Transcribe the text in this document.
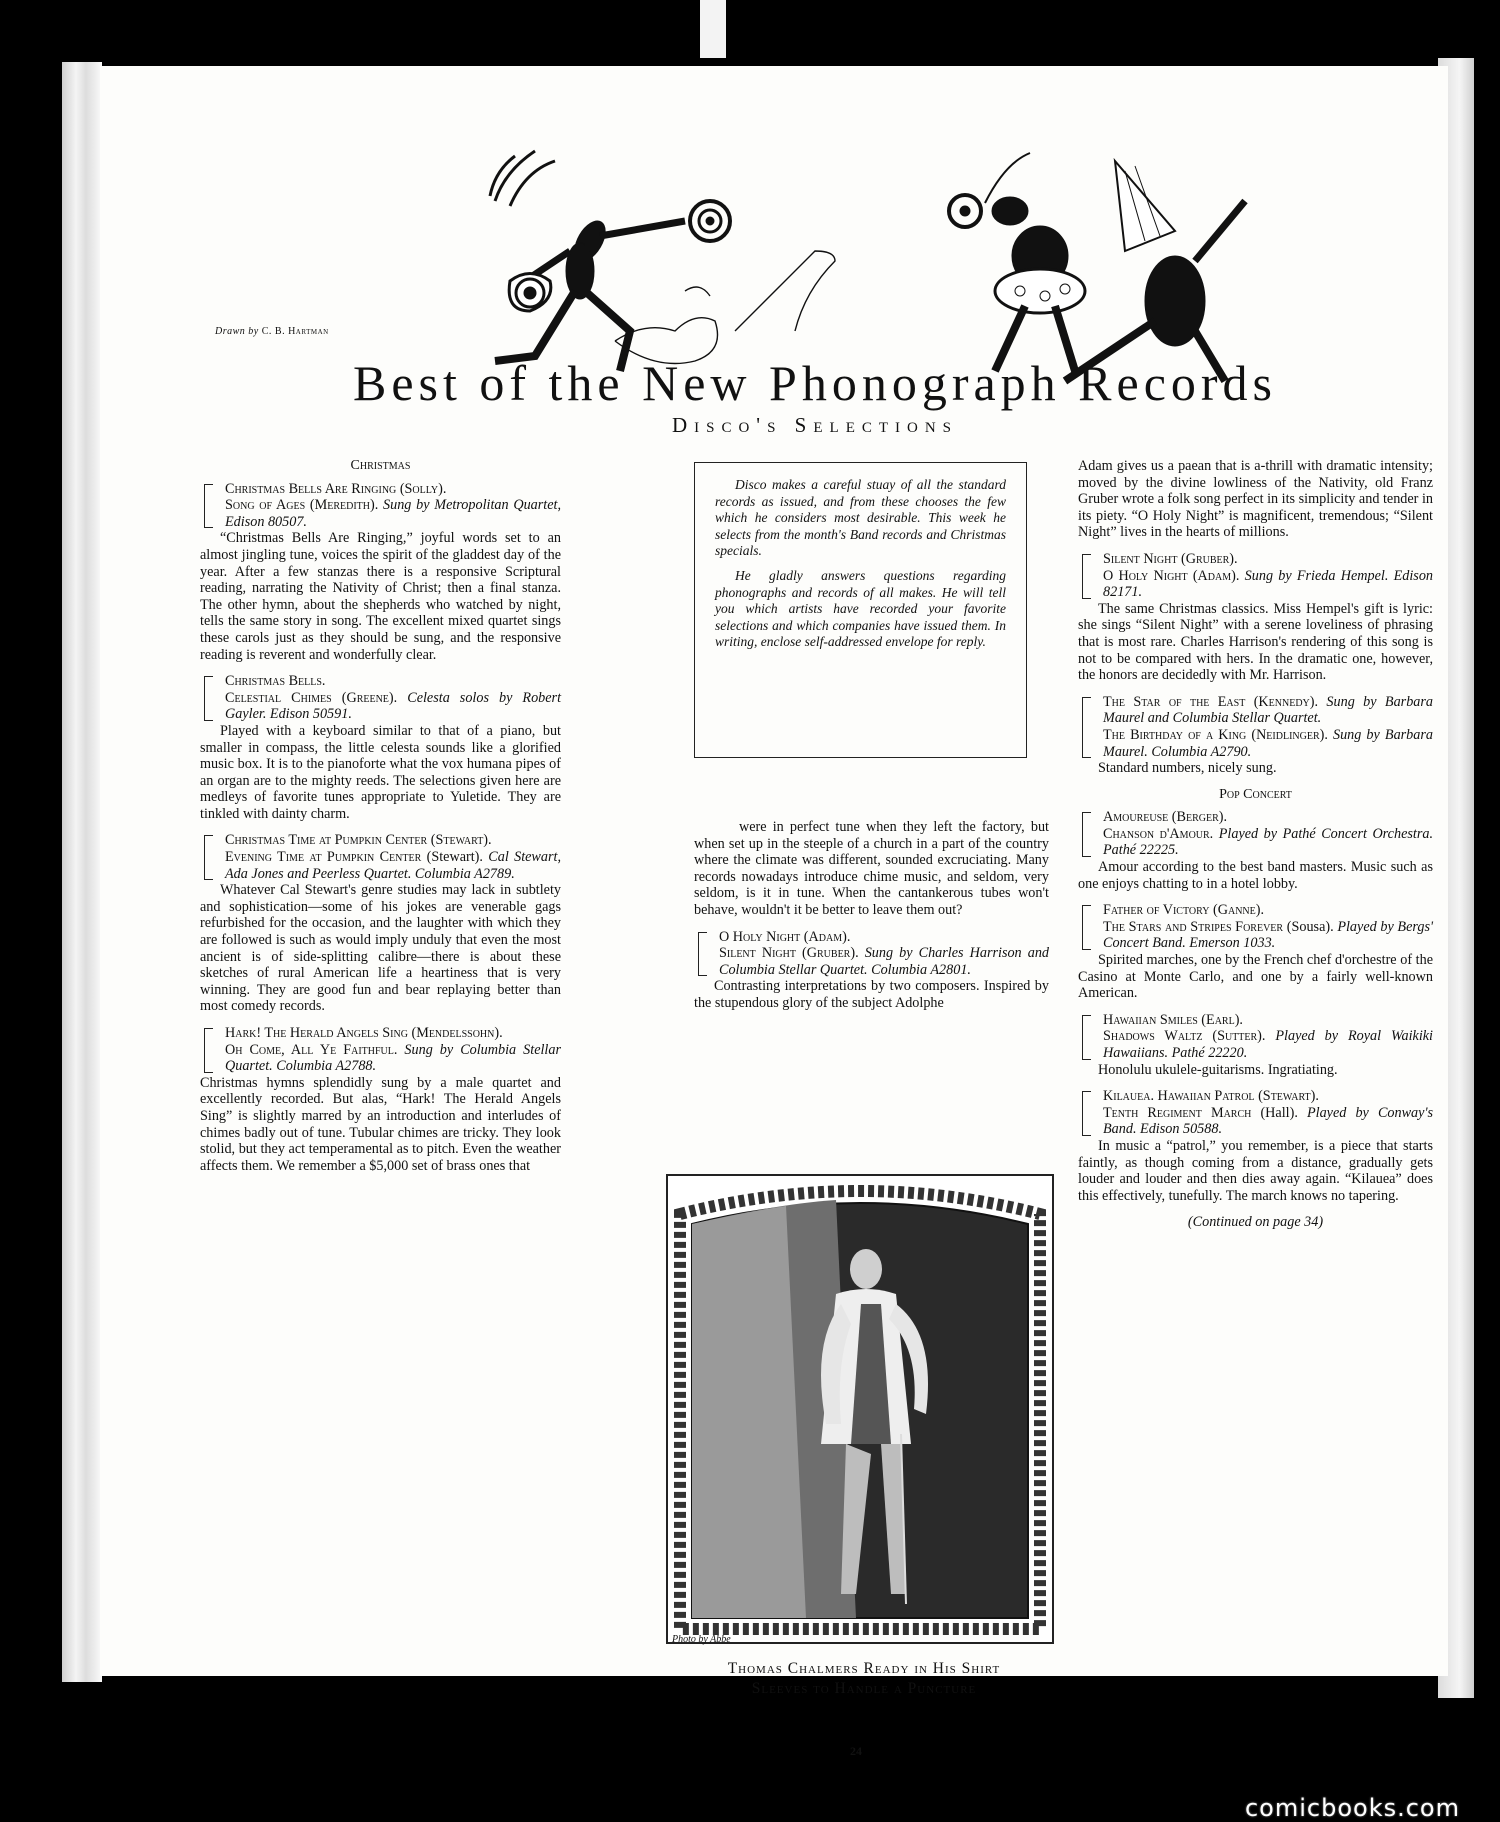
Drawn by C. B. Hartman
Best of the New Phonograph Records
Disco's Selections
Christmas
Christmas Bells Are Ringing (Solly).
Song of Ages (Meredith). Sung by Metropolitan Quartet, Edison 80507.

“Christmas Bells Are Ringing,” joyful words set to an almost jingling tune, voices the spirit of the gladdest day of the year. After a few stanzas there is a responsive Scriptural reading, narrating the Nativity of Christ; then a final stanza. The other hymn, about the shepherds who watched by night, tells the same story in song. The excellent mixed quartet sings these carols just as they should be sung, and the responsive reading is reverent and wonderfully clear.

Christmas Bells.
Celestial Chimes (Greene). Celesta solos by Robert Gayler. Edison 50591.

Played with a keyboard similar to that of a piano, but smaller in compass, the little celesta sounds like a glorified music box. It is to the pianoforte what the vox humana pipes of an organ are to the mighty reeds. The selections given here are medleys of favorite tunes appropriate to Yuletide. They are tinkled with dainty charm.

Christmas Time at Pumpkin Center (Stewart).
Evening Time at Pumpkin Center (Stewart). Cal Stewart, Ada Jones and Peerless Quartet. Columbia A2789.

Whatever Cal Stewart's genre studies may lack in subtlety and sophistication—some of his jokes are venerable gags refurbished for the occasion, and the laughter with which they are followed is such as would imply unduly that even the most ancient is of side-splitting calibre—there is about these sketches of rural American life a heartiness that is very winning. They are good fun and bear replaying better than most comedy records.

Hark! The Herald Angels Sing (Mendelssohn).
Oh Come, All Ye Faithful. Sung by Columbia Stellar Quartet. Columbia A2788.

Christmas hymns splendidly sung by a male quartet and excellently recorded. But alas, “Hark! The Herald Angels Sing” is slightly marred by an introduction and interludes of chimes badly out of tune. Tubular chimes are tricky. They look stolid, but they act temperamental as to pitch. Even the weather affects them. We remember a $5,000 set of brass ones that

Disco makes a careful stuay of all the standard records as issued, and from these chooses the few which he considers most desirable. This week he selects from the month's Band records and Christmas specials.

He gladly answers questions regarding phonographs and records of all makes. He will tell you which artists have recorded your favorite selections and which companies have issued them. In writing, enclose self-addressed envelope for reply.

were in perfect tune when they left the factory, but when set up in the steeple of a church in a part of the country where the climate was different, sounded excruciating. Many records nowadays introduce chime music, and seldom, very seldom, is it in tune. When the cantankerous tubes won't behave, wouldn't it be better to leave them out?

O Holy Night (Adam).
Silent Night (Gruber). Sung by Charles Harrison and Columbia Stellar Quartet. Columbia A2801.

Contrasting interpretations by two composers. Inspired by the stupendous glory of the subject Adolphe

Photo by Abbe
Thomas Chalmers Ready in His Shirt
Sleeves to Handle a Puncture

Adam gives us a paean that is a-thrill with dramatic intensity; moved by the divine lowliness of the Nativity, old Franz Gruber wrote a folk song perfect in its simplicity and tender in its piety. “O Holy Night” is magnificent, tremendous; “Silent Night” lives in the hearts of millions.

Silent Night (Gruber).
O Holy Night (Adam). Sung by Frieda Hempel. Edison 82171.

The same Christmas classics. Miss Hempel's gift is lyric: she sings “Silent Night” with a serene loveliness of phrasing that is most rare. Charles Harrison's rendering of this song is not to be compared with hers. In the dramatic one, however, the honors are decidedly with Mr. Harrison.

The Star of the East (Kennedy). Sung by Barbara Maurel and Columbia Stellar Quartet.
The Birthday of a King (Neidlinger). Sung by Barbara Maurel. Columbia A2790.

Standard numbers, nicely sung.

Pop Concert
Amoureuse (Berger).
Chanson d'Amour. Played by Pathé Concert Orchestra. Pathé 22225.

Amour according to the best band masters. Music such as one enjoys chatting to in a hotel lobby.

Father of Victory (Ganne).
The Stars and Stripes Forever (Sousa). Played by Bergs' Concert Band. Emerson 1033.

Spirited marches, one by the French chef d'orchestre of the Casino at Monte Carlo, and one by a fairly well-known American.

Hawaiian Smiles (Earl).
Shadows Waltz (Sutter). Played by Royal Waikiki Hawaiians. Pathé 22220.

Honolulu ukulele-guitarisms. Ingratiating.

Kilauea. Hawaiian Patrol (Stewart).
Tenth Regiment March (Hall). Played by Conway's Band. Edison 50588.

In music a “patrol,” you remember, is a piece that starts faintly, as though coming from a distance, gradually gets louder and louder and then dies away again. “Kilauea” does this effectively, tunefully. The march knows no tapering.

(Continued on page 34)
24
comicbooks.com
